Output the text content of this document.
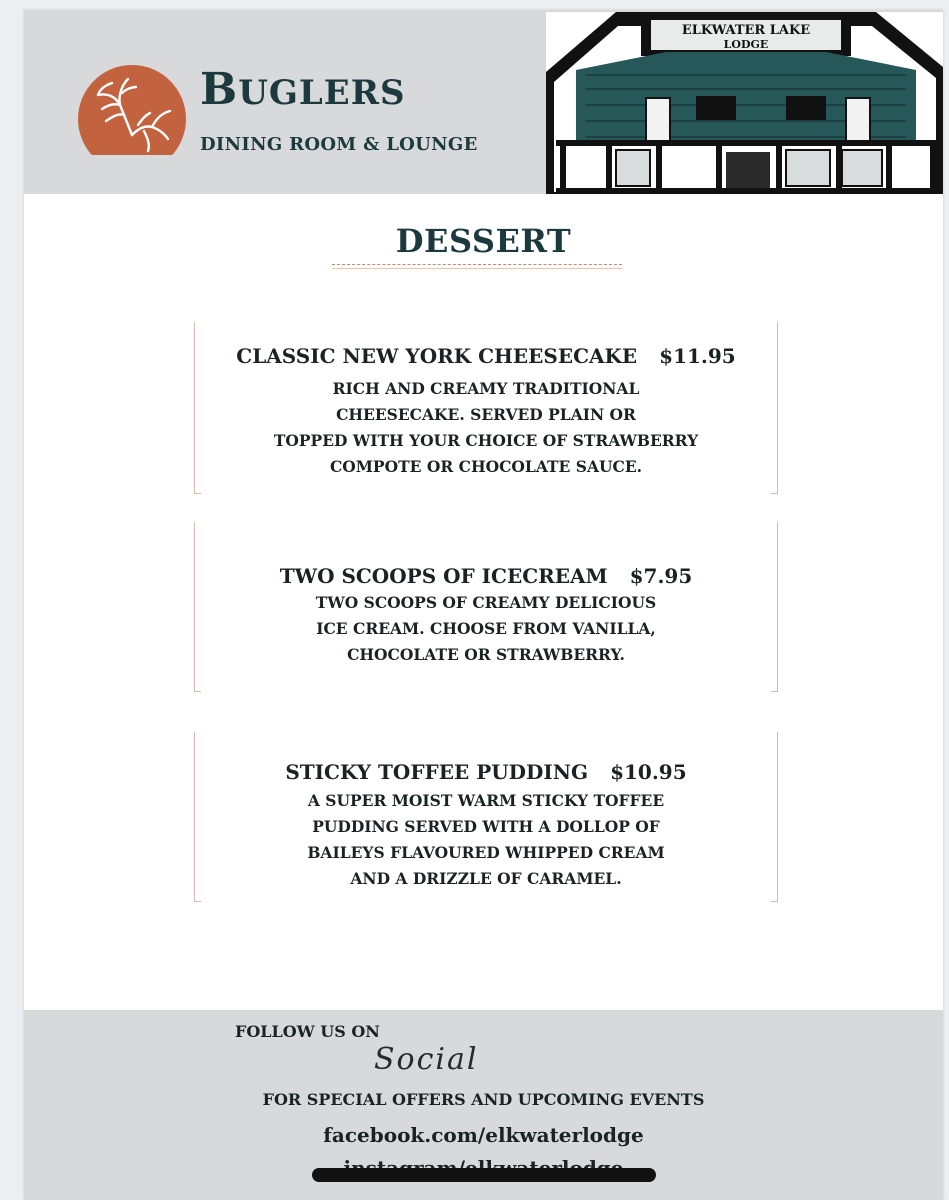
BUGLERS
DINING ROOM & LOUNGE
ELKWATER LAKE
LODGE
DESSERT
CLASSIC NEW YORK CHEESECAKE $11.95
RICH AND CREAMY TRADITIONAL
CHEESECAKE. SERVED PLAIN OR
TOPPED WITH YOUR CHOICE OF STRAWBERRY
COMPOTE OR CHOCOLATE SAUCE.
TWO SCOOPS OF ICECREAM $7.95
TWO SCOOPS OF CREAMY DELICIOUS
ICE CREAM. CHOOSE FROM VANILLA,
CHOCOLATE OR STRAWBERRY.
STICKY TOFFEE PUDDING $10.95
A SUPER MOIST WARM STICKY TOFFEE
PUDDING SERVED WITH A DOLLOP OF
BAILEYS FLAVOURED WHIPPED CREAM
AND A DRIZZLE OF CARAMEL.
FOLLOW US ON
Social
FOR SPECIAL OFFERS AND UPCOMING EVENTS
facebook.com/elkwaterlodge
